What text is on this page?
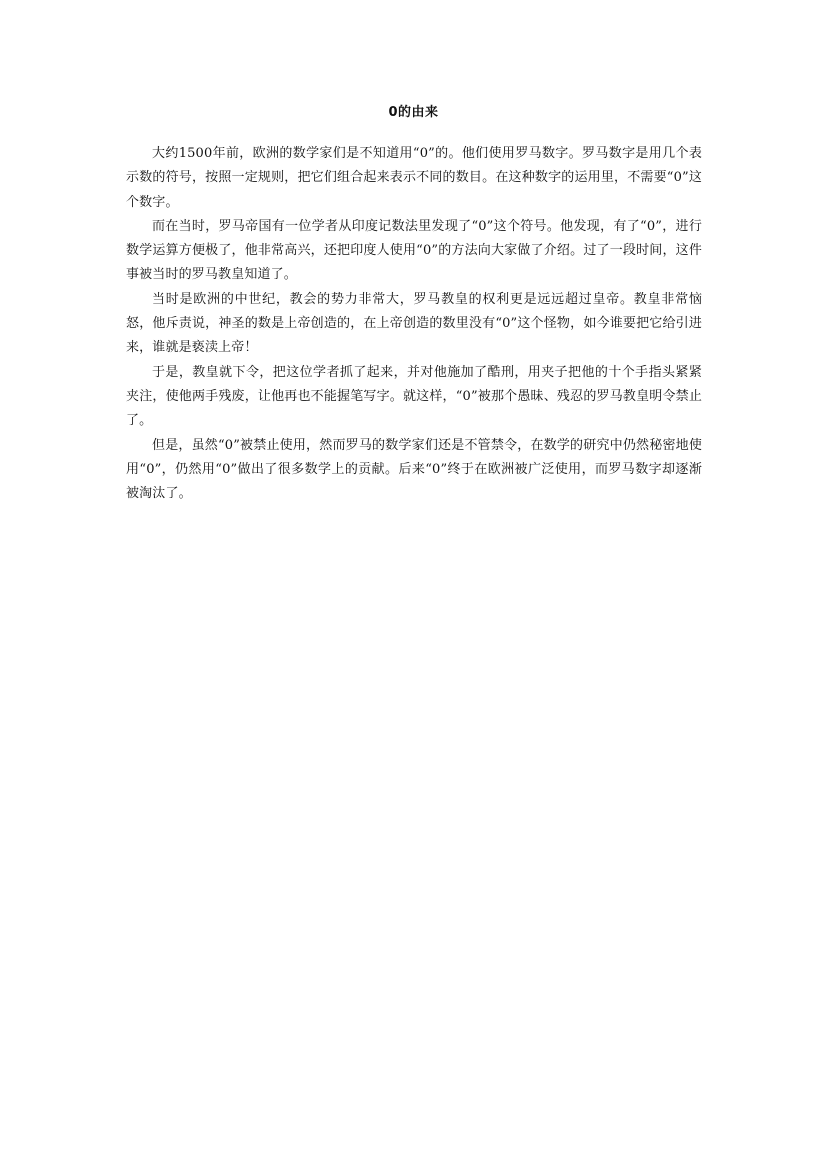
0的由来

大约1500年前，欧洲的数学家们是不知道用“0”的。他们使用罗马数字。罗马数字是用几个表示数的符号，按照一定规则，把它们组合起来表示不同的数目。在这种数字的运用里，不需要“0”这个数字。

而在当时，罗马帝国有一位学者从印度记数法里发现了“0”这个符号。他发现，有了“0”，进行数学运算方便极了，他非常高兴，还把印度人使用“0”的方法向大家做了介绍。过了一段时间，这件事被当时的罗马教皇知道了。

当时是欧洲的中世纪，教会的势力非常大，罗马教皇的权利更是远远超过皇帝。教皇非常恼怒，他斥责说，神圣的数是上帝创造的，在上帝创造的数里没有“0”这个怪物，如今谁要把它给引进来，谁就是亵渎上帝！

于是，教皇就下令，把这位学者抓了起来，并对他施加了酷刑，用夹子把他的十个手指头紧紧夹注，使他两手残废，让他再也不能握笔写字。就这样，“0”被那个愚昧、残忍的罗马教皇明令禁止了。

但是，虽然“0”被禁止使用，然而罗马的数学家们还是不管禁令，在数学的研究中仍然秘密地使用“0”，仍然用“0”做出了很多数学上的贡献。后来“0”终于在欧洲被广泛使用，而罗马数字却逐渐被淘汰了。
